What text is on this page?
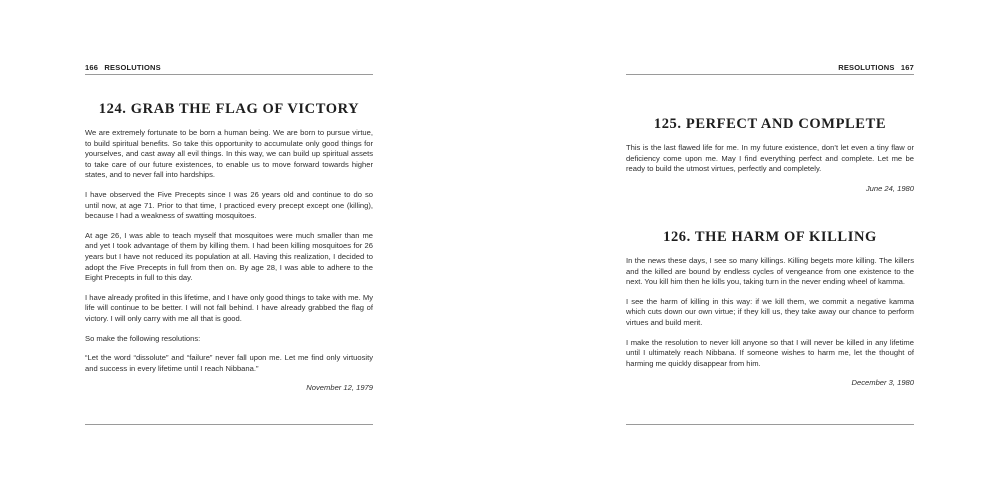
166 RESOLUTIONS
124. GRAB THE FLAG OF VICTORY

We are extremely fortunate to be born a human being. We are born to pursue virtue, to build spiritual benefits. So take this opportunity to accumulate only good things for yourselves, and cast away all evil things. In this way, we can build up spiritual assets to take care of our future existences, to enable us to move forward towards higher states, and to never fall into hardships.

I have observed the Five Precepts since I was 26 years old and continue to do so until now, at age 71. Prior to that time, I practiced every precept except one (killing), because I had a weakness of swatting mosquitoes.

At age 26, I was able to teach myself that mosquitoes were much smaller than me and yet I took advantage of them by killing them. I had been killing mosquitoes for 26 years but I have not reduced its population at all. Having this realization, I decided to adopt the Five Precepts in full from then on. By age 28, I was able to adhere to the Eight Precepts in full to this day.

I have already profited in this lifetime, and I have only good things to take with me. My life will continue to be better. I will not fall behind. I have already grabbed the flag of victory. I will only carry with me all that is good.

So make the following resolutions:

“Let the word “dissolute” and “failure” never fall upon me. Let me find only virtuosity and success in every lifetime until I reach Nibbana.”

November 12, 1979

RESOLUTIONS 167
125. PERFECT AND COMPLETE

This is the last flawed life for me. In my future existence, don’t let even a tiny flaw or deficiency come upon me. May I find everything perfect and complete. Let me be ready to build the utmost virtues, perfectly and completely.

June 24, 1980

126. THE HARM OF KILLING

In the news these days, I see so many killings. Killing begets more killing. The killers and the killed are bound by endless cycles of vengeance from one existence to the next. You kill him then he kills you, taking turn in the never ending wheel of kamma.

I see the harm of killing in this way: if we kill them, we commit a negative kamma which cuts down our own virtue; if they kill us, they take away our chance to perform virtues and build merit.

I make the resolution to never kill anyone so that I will never be killed in any lifetime until I ultimately reach Nibbana. If someone wishes to harm me, let the thought of harming me quickly disappear from him.

December 3, 1980
